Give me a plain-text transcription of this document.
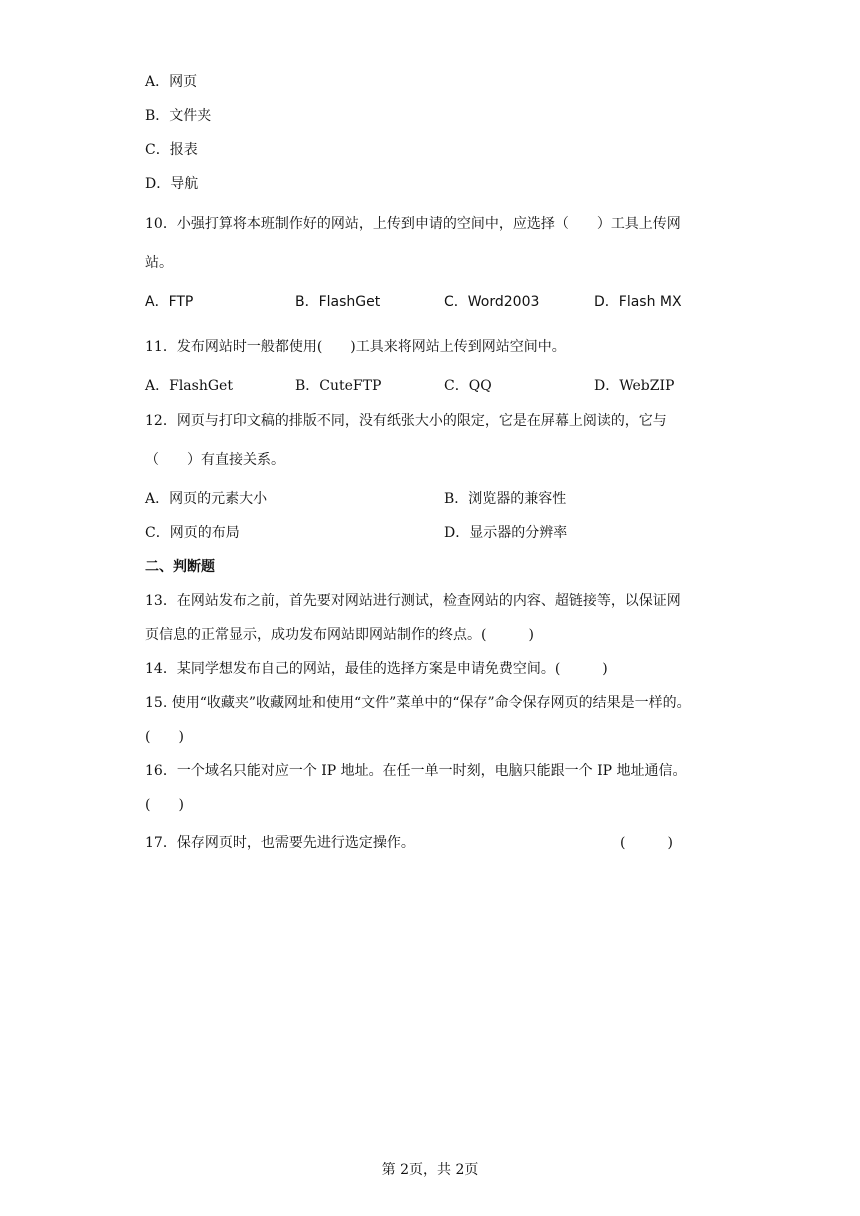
A．网页
B．文件夹
C．报表
D．导航
10．小强打算将本班制作好的网站，上传到申请的空间中，应选择（　　）工具上传网
站。
A．FTP	B．FlashGet	C．Word2003	D．Flash MX
11．发布网站时一般都使用(　　)工具来将网站上传到网站空间中。
A．FlashGet	B．CuteFTP	C．QQ	D．WebZIP
12．网页与打印文稿的排版不同，没有纸张大小的限定，它是在屏幕上阅读的，它与
（　　）有直接关系。
A．网页的元素大小	B．浏览器的兼容性
C．网页的布局	D．显示器的分辨率
二、判断题
13．在网站发布之前，首先要对网站进行测试，检查网站的内容、超链接等，以保证网
页信息的正常显示，成功发布网站即网站制作的终点。(　　　)
14．某同学想发布自己的网站，最佳的选择方案是申请免费空间。(　　　)
15. 使用“收藏夹”收藏网址和使用“文件”菜单中的“保存”命令保存网页的结果是一样的。
(　　)
16．一个域名只能对应一个 IP 地址。在任一单一时刻，电脑只能跟一个 IP 地址通信。
(　　)
17．保存网页时，也需要先进行选定操作。	(　　　)
第 2页，共 2页
